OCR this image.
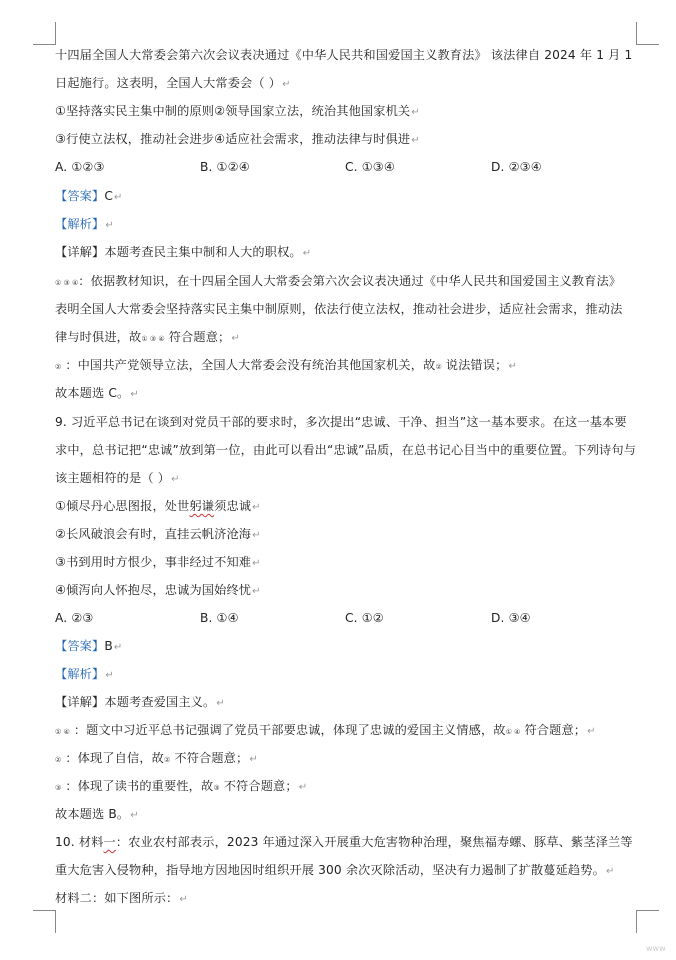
十四届全国人大常委会第六次会议表决通过《中华人民共和国爱国主义教育法》 该法律自 2024 年 1 月 1
日起施行。这表明，全国人大常委会（ ）↵
①坚持落实民主集中制的原则②领导国家立法，统治其他国家机关↵
③行使立法权，推动社会进步④适应社会需求，推动法律与时俱进↵
A. ①②③	B. ①②④	C. ①③④	D. ②③④
【答案】C↵
【解析】↵
【详解】本题考查民主集中制和人大的职权。↵
① ③ ④：依据教材知识，在十四届全国人大常委会第六次会议表决通过《中华人民共和国爱国主义教育法》
表明全国人大常委会坚持落实民主集中制原则，依法行使立法权，推动社会进步，适应社会需求，推动法
律与时俱进，故① ③ ④ 符合题意；↵
② ：中国共产党领导立法，全国人大常委会没有统治其他国家机关，故② 说法错误；↵
故本题选 C。↵
9. 习近平总书记在谈到对党员干部的要求时，多次提出“忠诚、干净、担当”这一基本要求。在这一基本要
求中，总书记把“忠诚”放到第一位，由此可以看出“忠诚”品质，在总书记心目当中的重要位置。下列诗句与
该主题相符的是（ ）↵
①倾尽丹心思图报，处世躬谦须忠诚↵
②长风破浪会有时，直挂云帆济沧海↵
③书到用时方恨少，事非经过不知难↵
④倾泻向人怀抱尽，忠诚为国始终忧↵
A. ②③	B. ①④	C. ①②	D. ③④
【答案】B↵
【解析】↵
【详解】本题考查爱国主义。↵
① ④ ：题文中习近平总书记强调了党员干部要忠诚，体现了忠诚的爱国主义情感，故① ④ 符合题意；↵
② ：体现了自信，故② 不符合题意；↵
③ ：体现了读书的重要性，故③ 不符合题意；↵
故本题选 B。↵
10. 材料一：农业农村部表示，2023 年通过深入开展重大危害物种治理，聚焦福寿螺、豚草、紫茎泽兰等
重大危害入侵物种，指导地方因地因时组织开展 300 余次灭除活动，坚决有力遏制了扩散蔓延趋势。↵
材料二：如下图所示：↵
www
